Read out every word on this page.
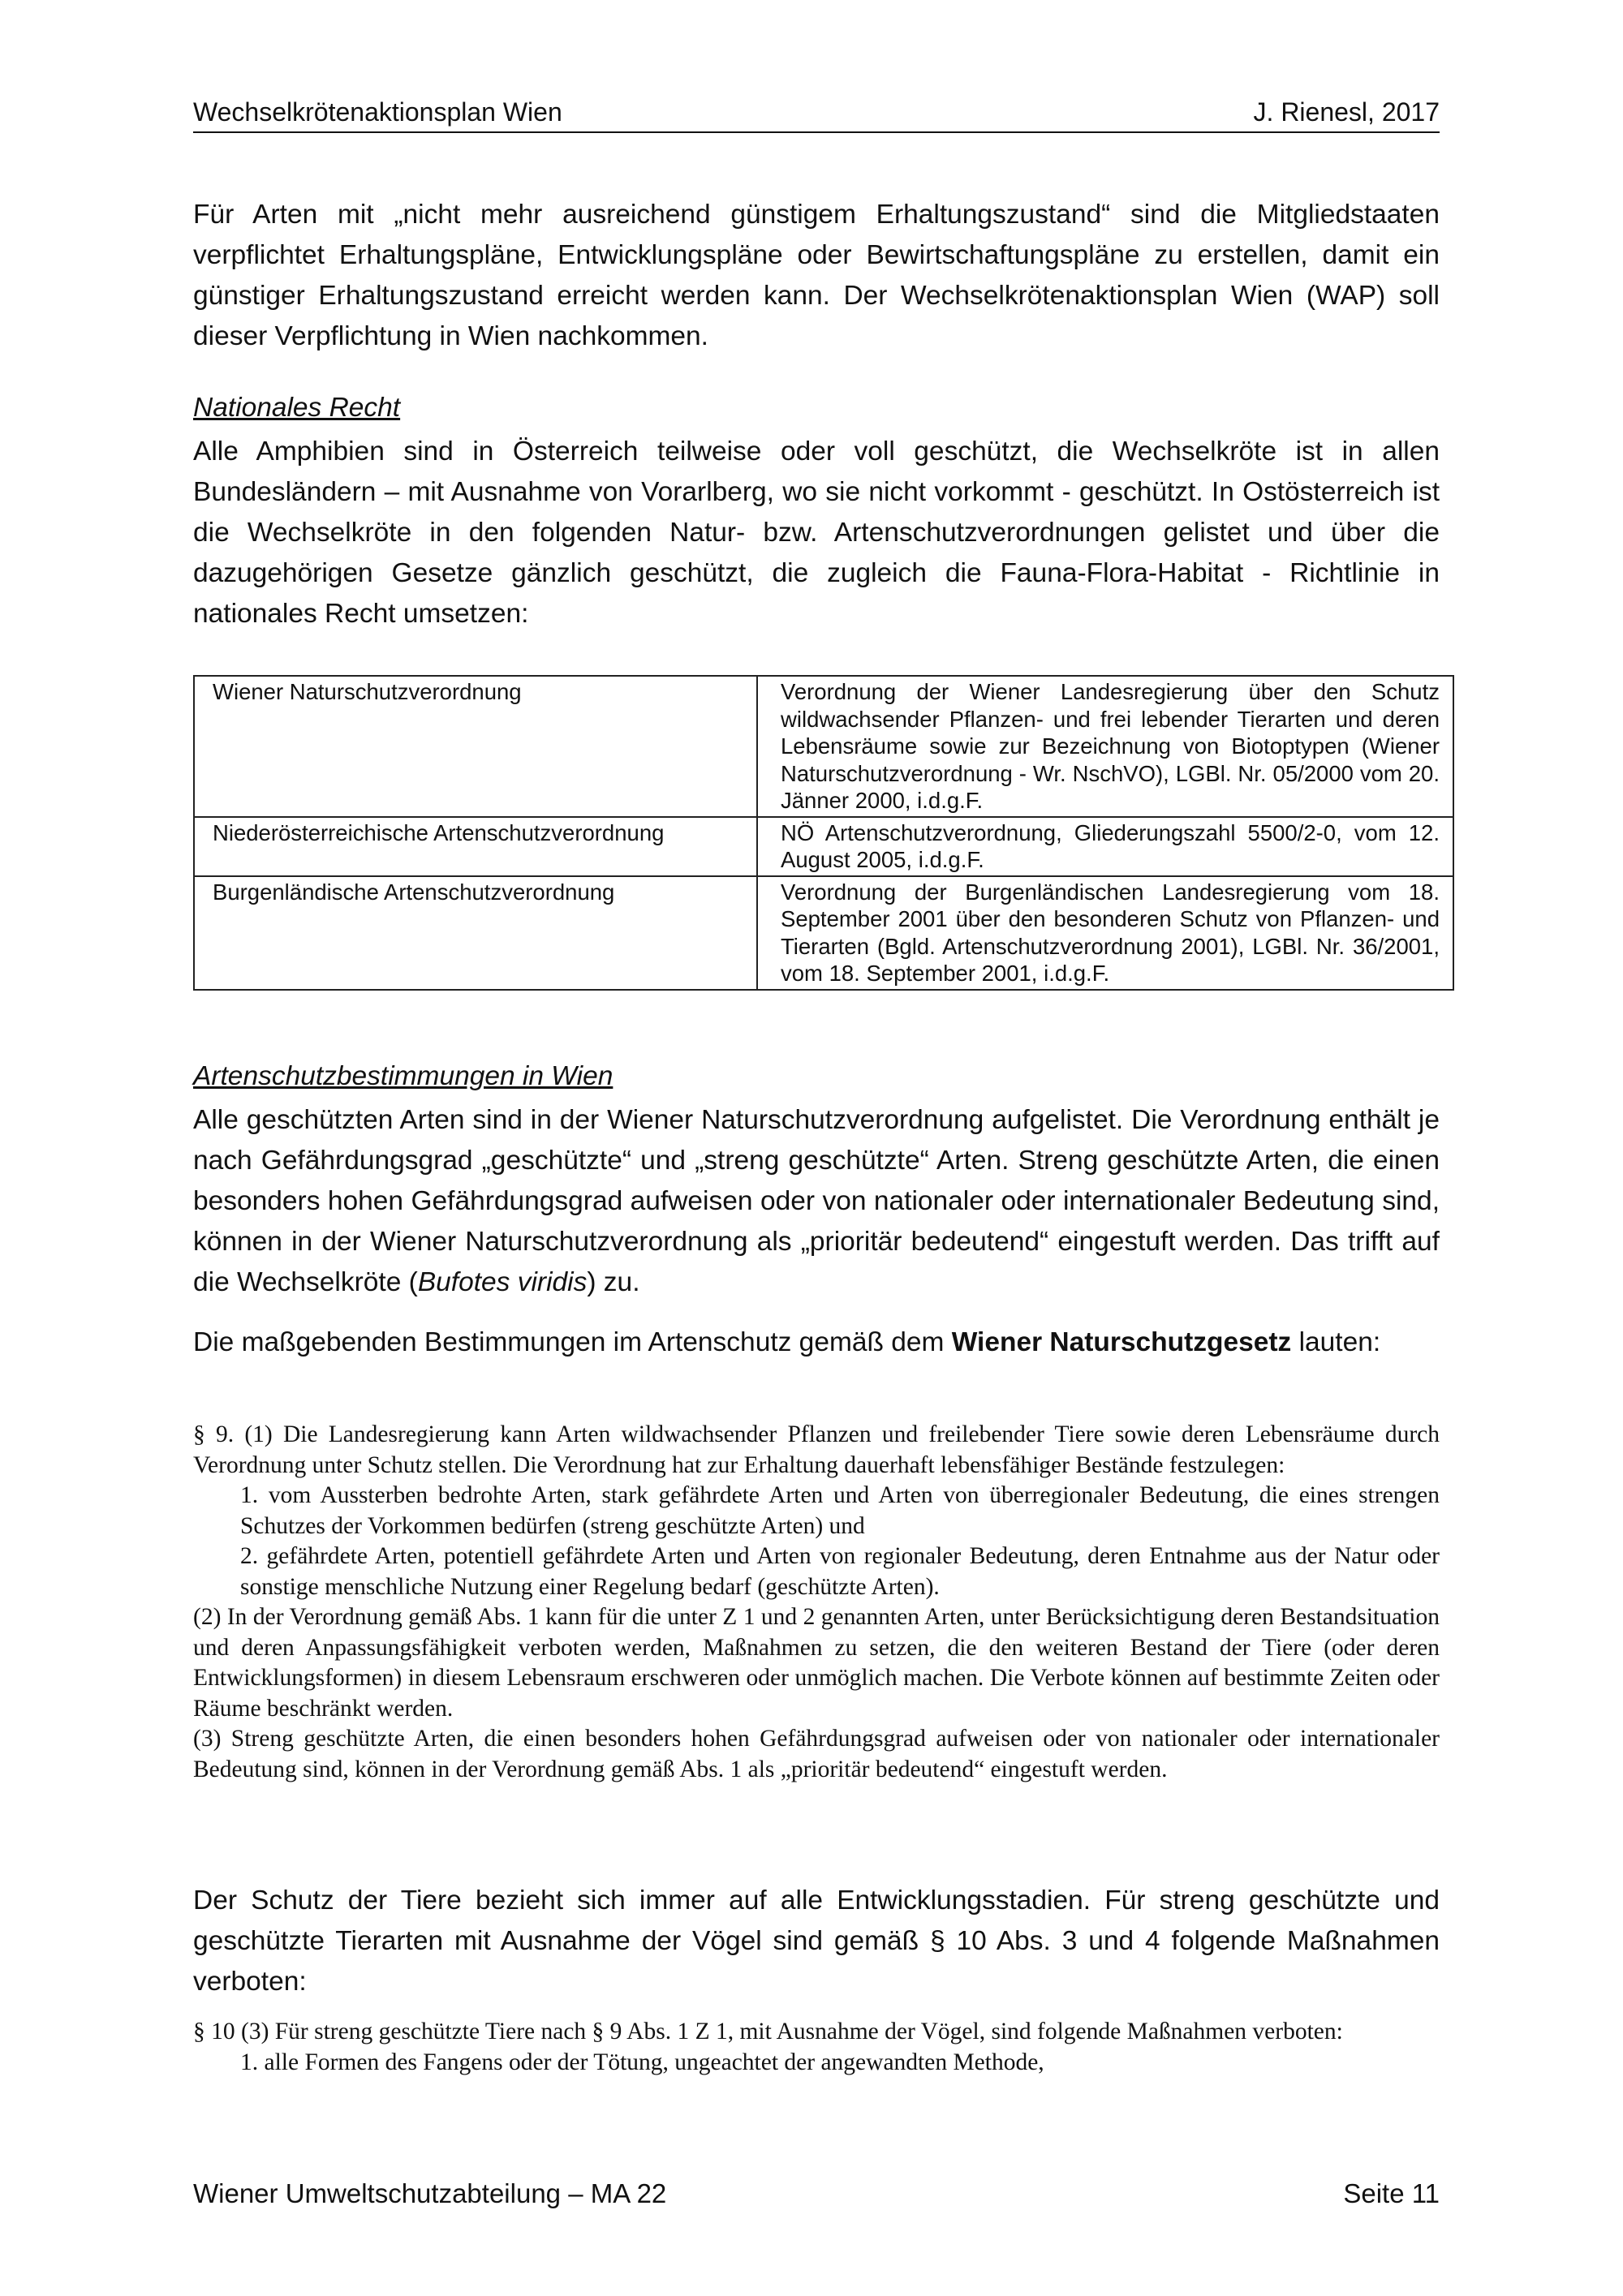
Wechselkrötenaktionsplan Wien	J. Rienesl, 2017

Für Arten mit „nicht mehr ausreichend günstigem Erhaltungszustand“ sind die Mitgliedstaaten verpflichtet Erhaltungspläne, Entwicklungspläne oder Bewirtschaftungspläne zu erstellen, damit ein günstiger Erhaltungszustand erreicht werden kann. Der Wechselkrötenaktionsplan Wien (WAP) soll dieser Verpflichtung in Wien nachkommen.

Nationales Recht

Alle Amphibien sind in Österreich teilweise oder voll geschützt, die Wechselkröte ist in allen Bundesländern – mit Ausnahme von Vorarlberg, wo sie nicht vorkommt - geschützt. In Ostösterreich ist die Wechselkröte in den folgenden Natur- bzw. Artenschutzverordnungen gelistet und über die dazugehörigen Gesetze gänzlich geschützt, die zugleich die Fauna-Flora-Habitat - Richtlinie in nationales Recht umsetzen:

Wiener Naturschutzverordnung	Verordnung der Wiener Landesregierung über den Schutz wildwachsender Pflanzen- und frei lebender Tierarten und deren Lebensräume sowie zur Bezeichnung von Biotoptypen (Wiener Naturschutzverordnung - Wr. NschVO), LGBl. Nr. 05/2000 vom 20. Jänner 2000, i.d.g.F.
Niederösterreichische Artenschutzverordnung	NÖ Artenschutzverordnung, Gliederungszahl 5500/2-0, vom 12. August 2005, i.d.g.F.
Burgenländische Artenschutzverordnung	Verordnung der Burgenländischen Landesregierung vom 18. September 2001 über den besonderen Schutz von Pflanzen- und Tierarten (Bgld. Artenschutzverordnung 2001), LGBl. Nr. 36/2001, vom 18. September 2001, i.d.g.F.

Artenschutzbestimmungen in Wien

Alle geschützten Arten sind in der Wiener Naturschutzverordnung aufgelistet. Die Verordnung enthält je nach Gefährdungsgrad „geschützte“ und „streng geschützte“ Arten. Streng geschützte Arten, die einen besonders hohen Gefährdungsgrad aufweisen oder von nationaler oder internationaler Bedeutung sind, können in der Wiener Naturschutzverordnung als „prioritär bedeutend“ eingestuft werden. Das trifft auf die Wechselkröte (Bufotes viridis) zu.

Die maßgebenden Bestimmungen im Artenschutz gemäß dem Wiener Naturschutzgesetz lauten:

§ 9. (1) Die Landesregierung kann Arten wildwachsender Pflanzen und freilebender Tiere sowie deren Lebensräume durch Verordnung unter Schutz stellen. Die Verordnung hat zur Erhaltung dauerhaft lebensfähiger Bestände festzulegen:

1. vom Aussterben bedrohte Arten, stark gefährdete Arten und Arten von überregionaler Bedeutung, die eines strengen Schutzes der Vorkommen bedürfen (streng geschützte Arten) und

2. gefährdete Arten, potentiell gefährdete Arten und Arten von regionaler Bedeutung, deren Entnahme aus der Natur oder sonstige menschliche Nutzung einer Regelung bedarf (geschützte Arten).

(2) In der Verordnung gemäß Abs. 1 kann für die unter Z 1 und 2 genannten Arten, unter Berücksichtigung deren Bestandsituation und deren Anpassungsfähigkeit verboten werden, Maßnahmen zu setzen, die den weiteren Bestand der Tiere (oder deren Entwicklungsformen) in diesem Lebensraum erschweren oder unmöglich machen. Die Verbote können auf bestimmte Zeiten oder Räume beschränkt werden.

(3) Streng geschützte Arten, die einen besonders hohen Gefährdungsgrad aufweisen oder von nationaler oder internationaler Bedeutung sind, können in der Verordnung gemäß Abs. 1 als „prioritär bedeutend“ eingestuft werden.

Der Schutz der Tiere bezieht sich immer auf alle Entwicklungsstadien. Für streng geschützte und geschützte Tierarten mit Ausnahme der Vögel sind gemäß § 10 Abs. 3 und 4 folgende Maßnahmen verboten:

§ 10 (3) Für streng geschützte Tiere nach § 9 Abs. 1 Z 1, mit Ausnahme der Vögel, sind folgende Maßnahmen verboten:

1. alle Formen des Fangens oder der Tötung, ungeachtet der angewandten Methode,

Wiener Umweltschutzabteilung – MA 22	Seite 11
